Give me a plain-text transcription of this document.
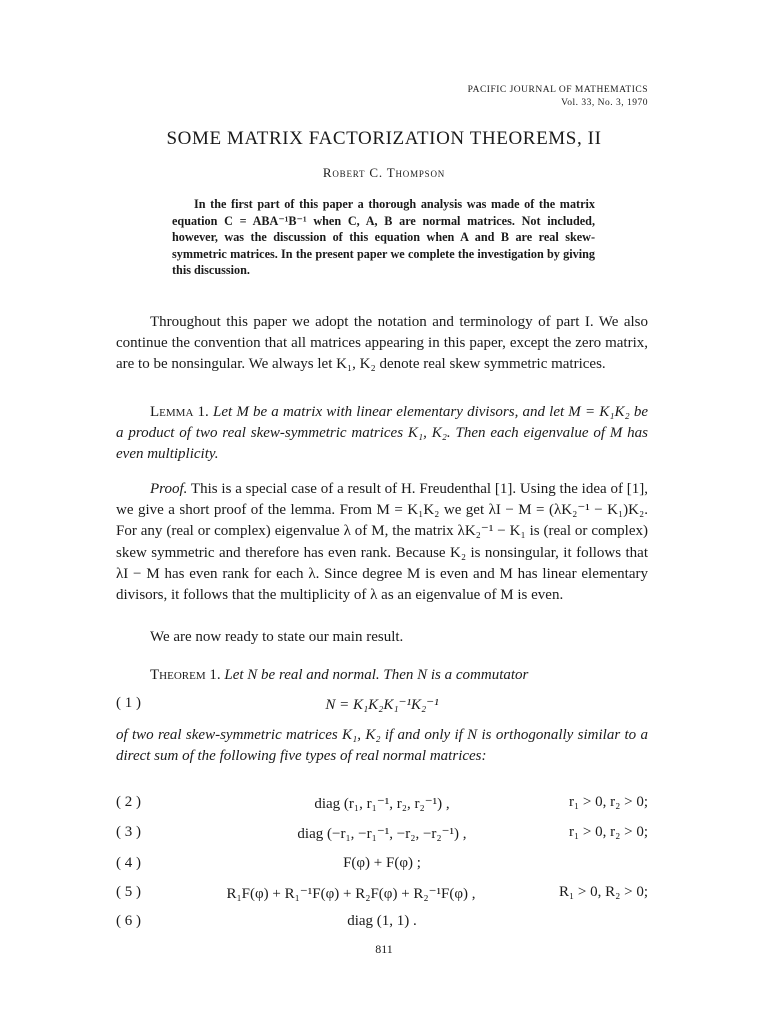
PACIFIC JOURNAL OF MATHEMATICS
Vol. 33, No. 3, 1970
SOME MATRIX FACTORIZATION THEOREMS, II
Robert C. Thompson
In the first part of this paper a thorough analysis was made of the matrix equation C = ABA⁻¹B⁻¹ when C, A, B are normal matrices. Not included, however, was the discussion of this equation when A and B are real skew-symmetric matrices. In the present paper we complete the investigation by giving this discussion.
Throughout this paper we adopt the notation and terminology of part I. We also continue the convention that all matrices appearing in this paper, except the zero matrix, are to be nonsingular. We always let K₁, K₂ denote real skew symmetric matrices.
Lemma 1. Let M be a matrix with linear elementary divisors, and let M = K₁K₂ be a product of two real skew-symmetric matrices K₁, K₂. Then each eigenvalue of M has even multiplicity.
Proof. This is a special case of a result of H. Freudenthal [1]. Using the idea of [1], we give a short proof of the lemma. From M = K₁K₂ we get λI − M = (λK₂⁻¹ − K₁)K₂. For any (real or complex) eigenvalue λ of M, the matrix λK₂⁻¹ − K₁ is (real or complex) skew symmetric and therefore has even rank. Because K₂ is nonsingular, it follows that λI − M has even rank for each λ. Since degree M is even and M has linear elementary divisors, it follows that the multiplicity of λ as an eigenvalue of M is even.
We are now ready to state our main result.
Theorem 1. Let N be real and normal. Then N is a commutator
( 1 )	N = K₁K₂K₁⁻¹K₂⁻¹
of two real skew-symmetric matrices K₁, K₂ if and only if N is orthogonally similar to a direct sum of the following five types of real normal matrices:
( 2 )	diag (r₁, r₁⁻¹, r₂, r₂⁻¹) ,	r₁ > 0, r₂ > 0;
( 3 )	diag (−r₁, −r₁⁻¹, −r₂, −r₂⁻¹) ,	r₁ > 0, r₂ > 0;
( 4 )	F(φ) + F(φ) ;
( 5 )	R₁F(φ) + R₁⁻¹F(φ) + R₂F(φ) + R₂⁻¹F(φ) ,	R₁ > 0, R₂ > 0;
( 6 )	diag (1, 1) .
811
